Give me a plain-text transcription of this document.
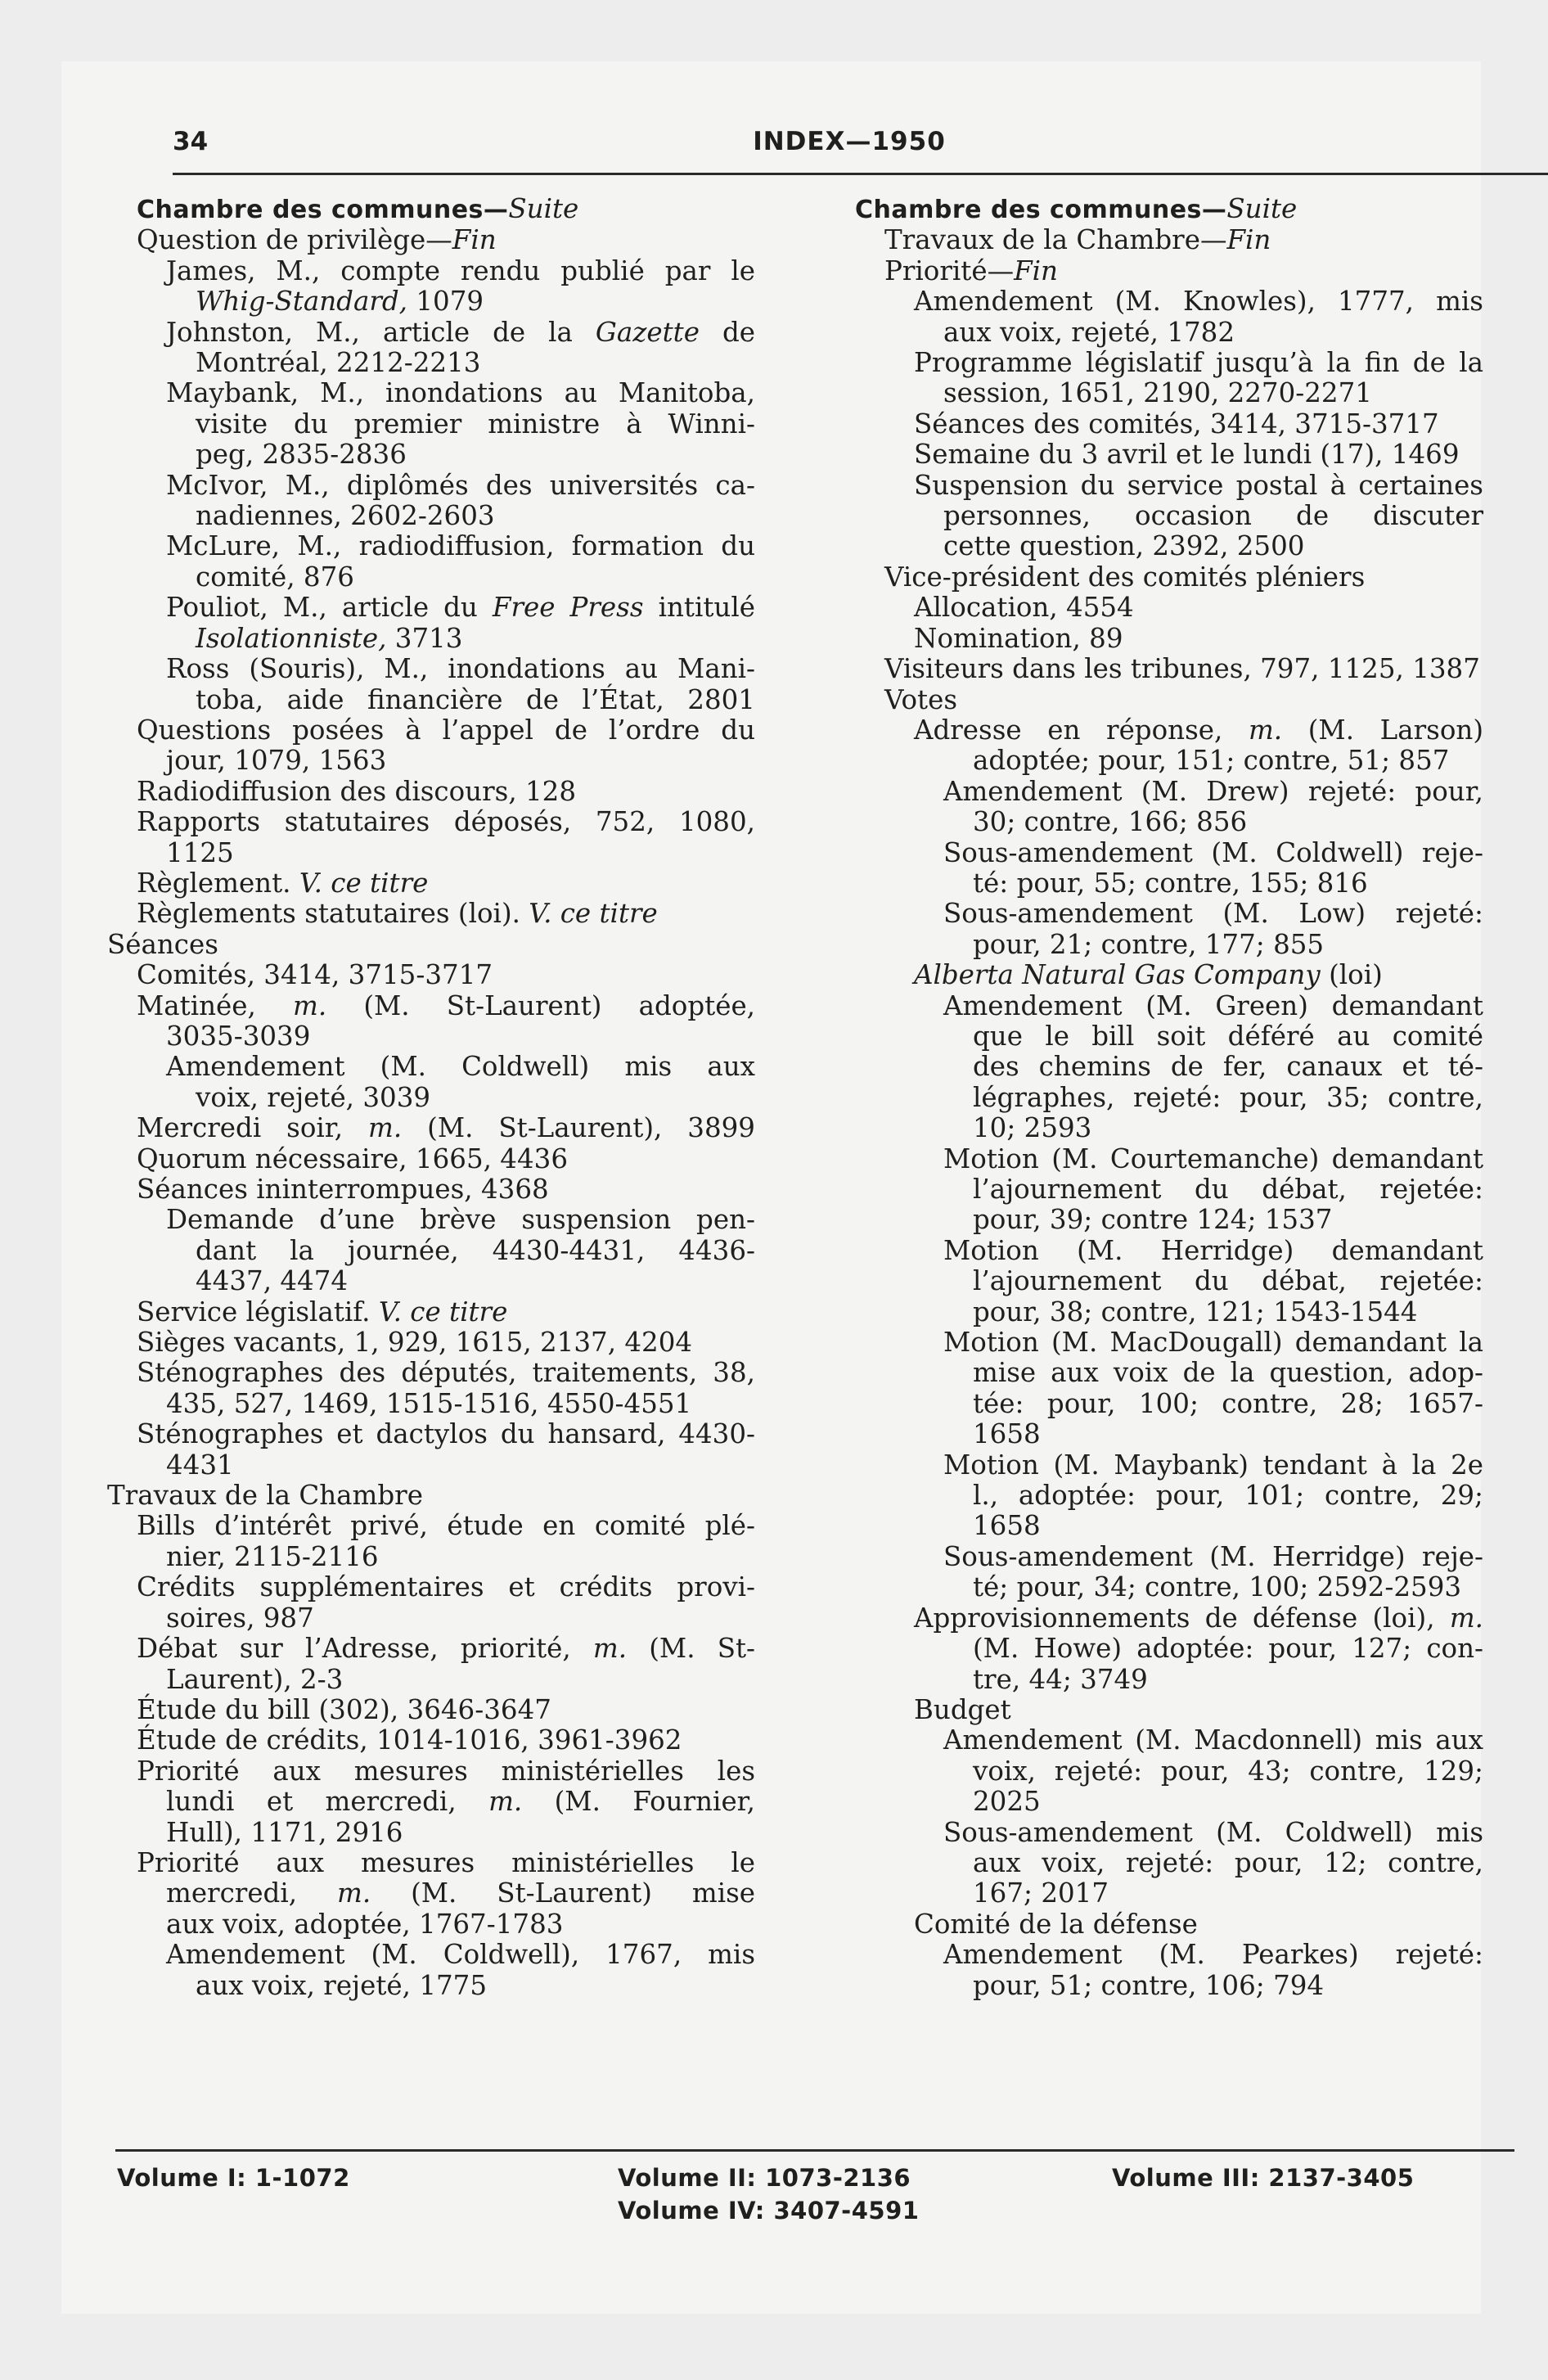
34	INDEX—1950
Chambre des communes—Suite
Question de privilège—Fin
James, M., compte rendu publié par le
Whig-Standard, 1079
Johnston, M., article de la Gazette de
Montréal, 2212-2213
Maybank, M., inondations au Manitoba,
visite du premier ministre à Winni-
peg, 2835-2836
McIvor, M., diplômés des universités ca-
nadiennes, 2602-2603
McLure, M., radiodiffusion, formation du
comité, 876
Pouliot, M., article du Free Press intitulé
Isolationniste, 3713
Ross (Souris), M., inondations au Mani-
toba, aide financière de l’État, 2801
Questions posées à l’appel de l’ordre du
jour, 1079, 1563
Radiodiffusion des discours, 128
Rapports statutaires déposés, 752, 1080,
1125
Règlement. V. ce titre
Règlements statutaires (loi). V. ce titre
Séances
Comités, 3414, 3715-3717
Matinée, m. (M. St-Laurent) adoptée,
3035-3039
Amendement (M. Coldwell) mis aux
voix, rejeté, 3039
Mercredi soir, m. (M. St-Laurent), 3899
Quorum nécessaire, 1665, 4436
Séances ininterrompues, 4368
Demande d’une brève suspension pen-
dant la journée, 4430-4431, 4436-
4437, 4474
Service législatif. V. ce titre
Sièges vacants, 1, 929, 1615, 2137, 4204
Sténographes des députés, traitements, 38,
435, 527, 1469, 1515-1516, 4550-4551
Sténographes et dactylos du hansard, 4430-
4431
Travaux de la Chambre
Bills d’intérêt privé, étude en comité plé-
nier, 2115-2116
Crédits supplémentaires et crédits provi-
soires, 987
Débat sur l’Adresse, priorité, m. (M. St-
Laurent), 2-3
Étude du bill (302), 3646-3647
Étude de crédits, 1014-1016, 3961-3962
Priorité aux mesures ministérielles les
lundi et mercredi, m. (M. Fournier,
Hull), 1171, 2916
Priorité aux mesures ministérielles le
mercredi, m. (M. St-Laurent) mise
aux voix, adoptée, 1767-1783
Amendement (M. Coldwell), 1767, mis
aux voix, rejeté, 1775
Chambre des communes—Suite
Travaux de la Chambre—Fin
Priorité—Fin
Amendement (M. Knowles), 1777, mis
aux voix, rejeté, 1782
Programme législatif jusqu’à la fin de la
session, 1651, 2190, 2270-2271
Séances des comités, 3414, 3715-3717
Semaine du 3 avril et le lundi (17), 1469
Suspension du service postal à certaines
personnes, occasion de discuter
cette question, 2392, 2500
Vice-président des comités pléniers
Allocation, 4554
Nomination, 89
Visiteurs dans les tribunes, 797, 1125, 1387
Votes
Adresse en réponse, m. (M. Larson)
adoptée; pour, 151; contre, 51; 857
Amendement (M. Drew) rejeté: pour,
30; contre, 166; 856
Sous-amendement (M. Coldwell) reje-
té: pour, 55; contre, 155; 816
Sous-amendement (M. Low) rejeté:
pour, 21; contre, 177; 855
Alberta Natural Gas Company (loi)
Amendement (M. Green) demandant
que le bill soit déféré au comité
des chemins de fer, canaux et té-
légraphes, rejeté: pour, 35; contre,
10; 2593
Motion (M. Courtemanche) demandant
l’ajournement du débat, rejetée:
pour, 39; contre 124; 1537
Motion (M. Herridge) demandant
l’ajournement du débat, rejetée:
pour, 38; contre, 121; 1543-1544
Motion (M. MacDougall) demandant la
mise aux voix de la question, adop-
tée: pour, 100; contre, 28; 1657-
1658
Motion (M. Maybank) tendant à la 2e
l., adoptée: pour, 101; contre, 29;
1658
Sous-amendement (M. Herridge) reje-
té; pour, 34; contre, 100; 2592-2593
Approvisionnements de défense (loi), m.
(M. Howe) adoptée: pour, 127; con-
tre, 44; 3749
Budget
Amendement (M. Macdonnell) mis aux
voix, rejeté: pour, 43; contre, 129;
2025
Sous-amendement (M. Coldwell) mis
aux voix, rejeté: pour, 12; contre,
167; 2017
Comité de la défense
Amendement (M. Pearkes) rejeté:
pour, 51; contre, 106; 794
Volume I: 1-1072	Volume II: 1073-2136
Volume IV: 3407-4591
Volume III: 2137-3405
